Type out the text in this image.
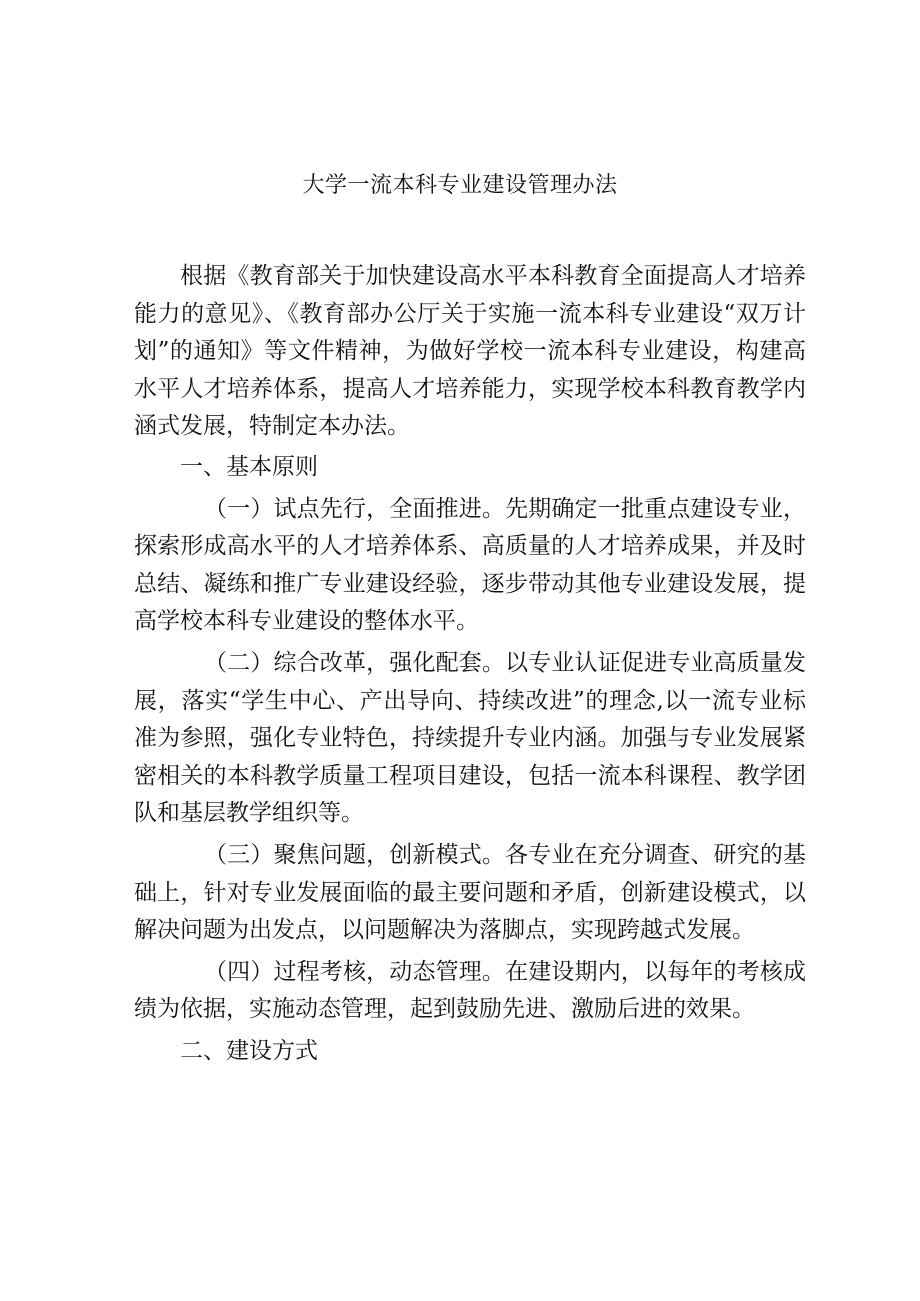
大学一流本科专业建设管理办法

根据《教育部关于加快建设高水平本科教育全面提高人才培养能力的意见》、《教育部办公厅关于实施一流本科专业建设“双万计划”的通知》等文件精神，为做好学校一流本科专业建设，构建高水平人才培养体系，提高人才培养能力，实现学校本科教育教学内涵式发展，特制定本办法。

一、基本原则

（一）试点先行，全面推进。先期确定一批重点建设专业，探索形成高水平的人才培养体系、高质量的人才培养成果，并及时总结、凝练和推广专业建设经验，逐步带动其他专业建设发展，提高学校本科专业建设的整体水平。

（二）综合改革，强化配套。以专业认证促进专业高质量发展，落实“学生中心、产出导向、持续改进”的理念,以一流专业标准为参照，强化专业特色，持续提升专业内涵。加强与专业发展紧密相关的本科教学质量工程项目建设，包括一流本科课程、教学团队和基层教学组织等。

（三）聚焦问题，创新模式。各专业在充分调查、研究的基础上，针对专业发展面临的最主要问题和矛盾，创新建设模式，以解决问题为出发点，以问题解决为落脚点，实现跨越式发展。

（四）过程考核，动态管理。在建设期内，以每年的考核成绩为依据，实施动态管理，起到鼓励先进、激励后进的效果。

二、建设方式
